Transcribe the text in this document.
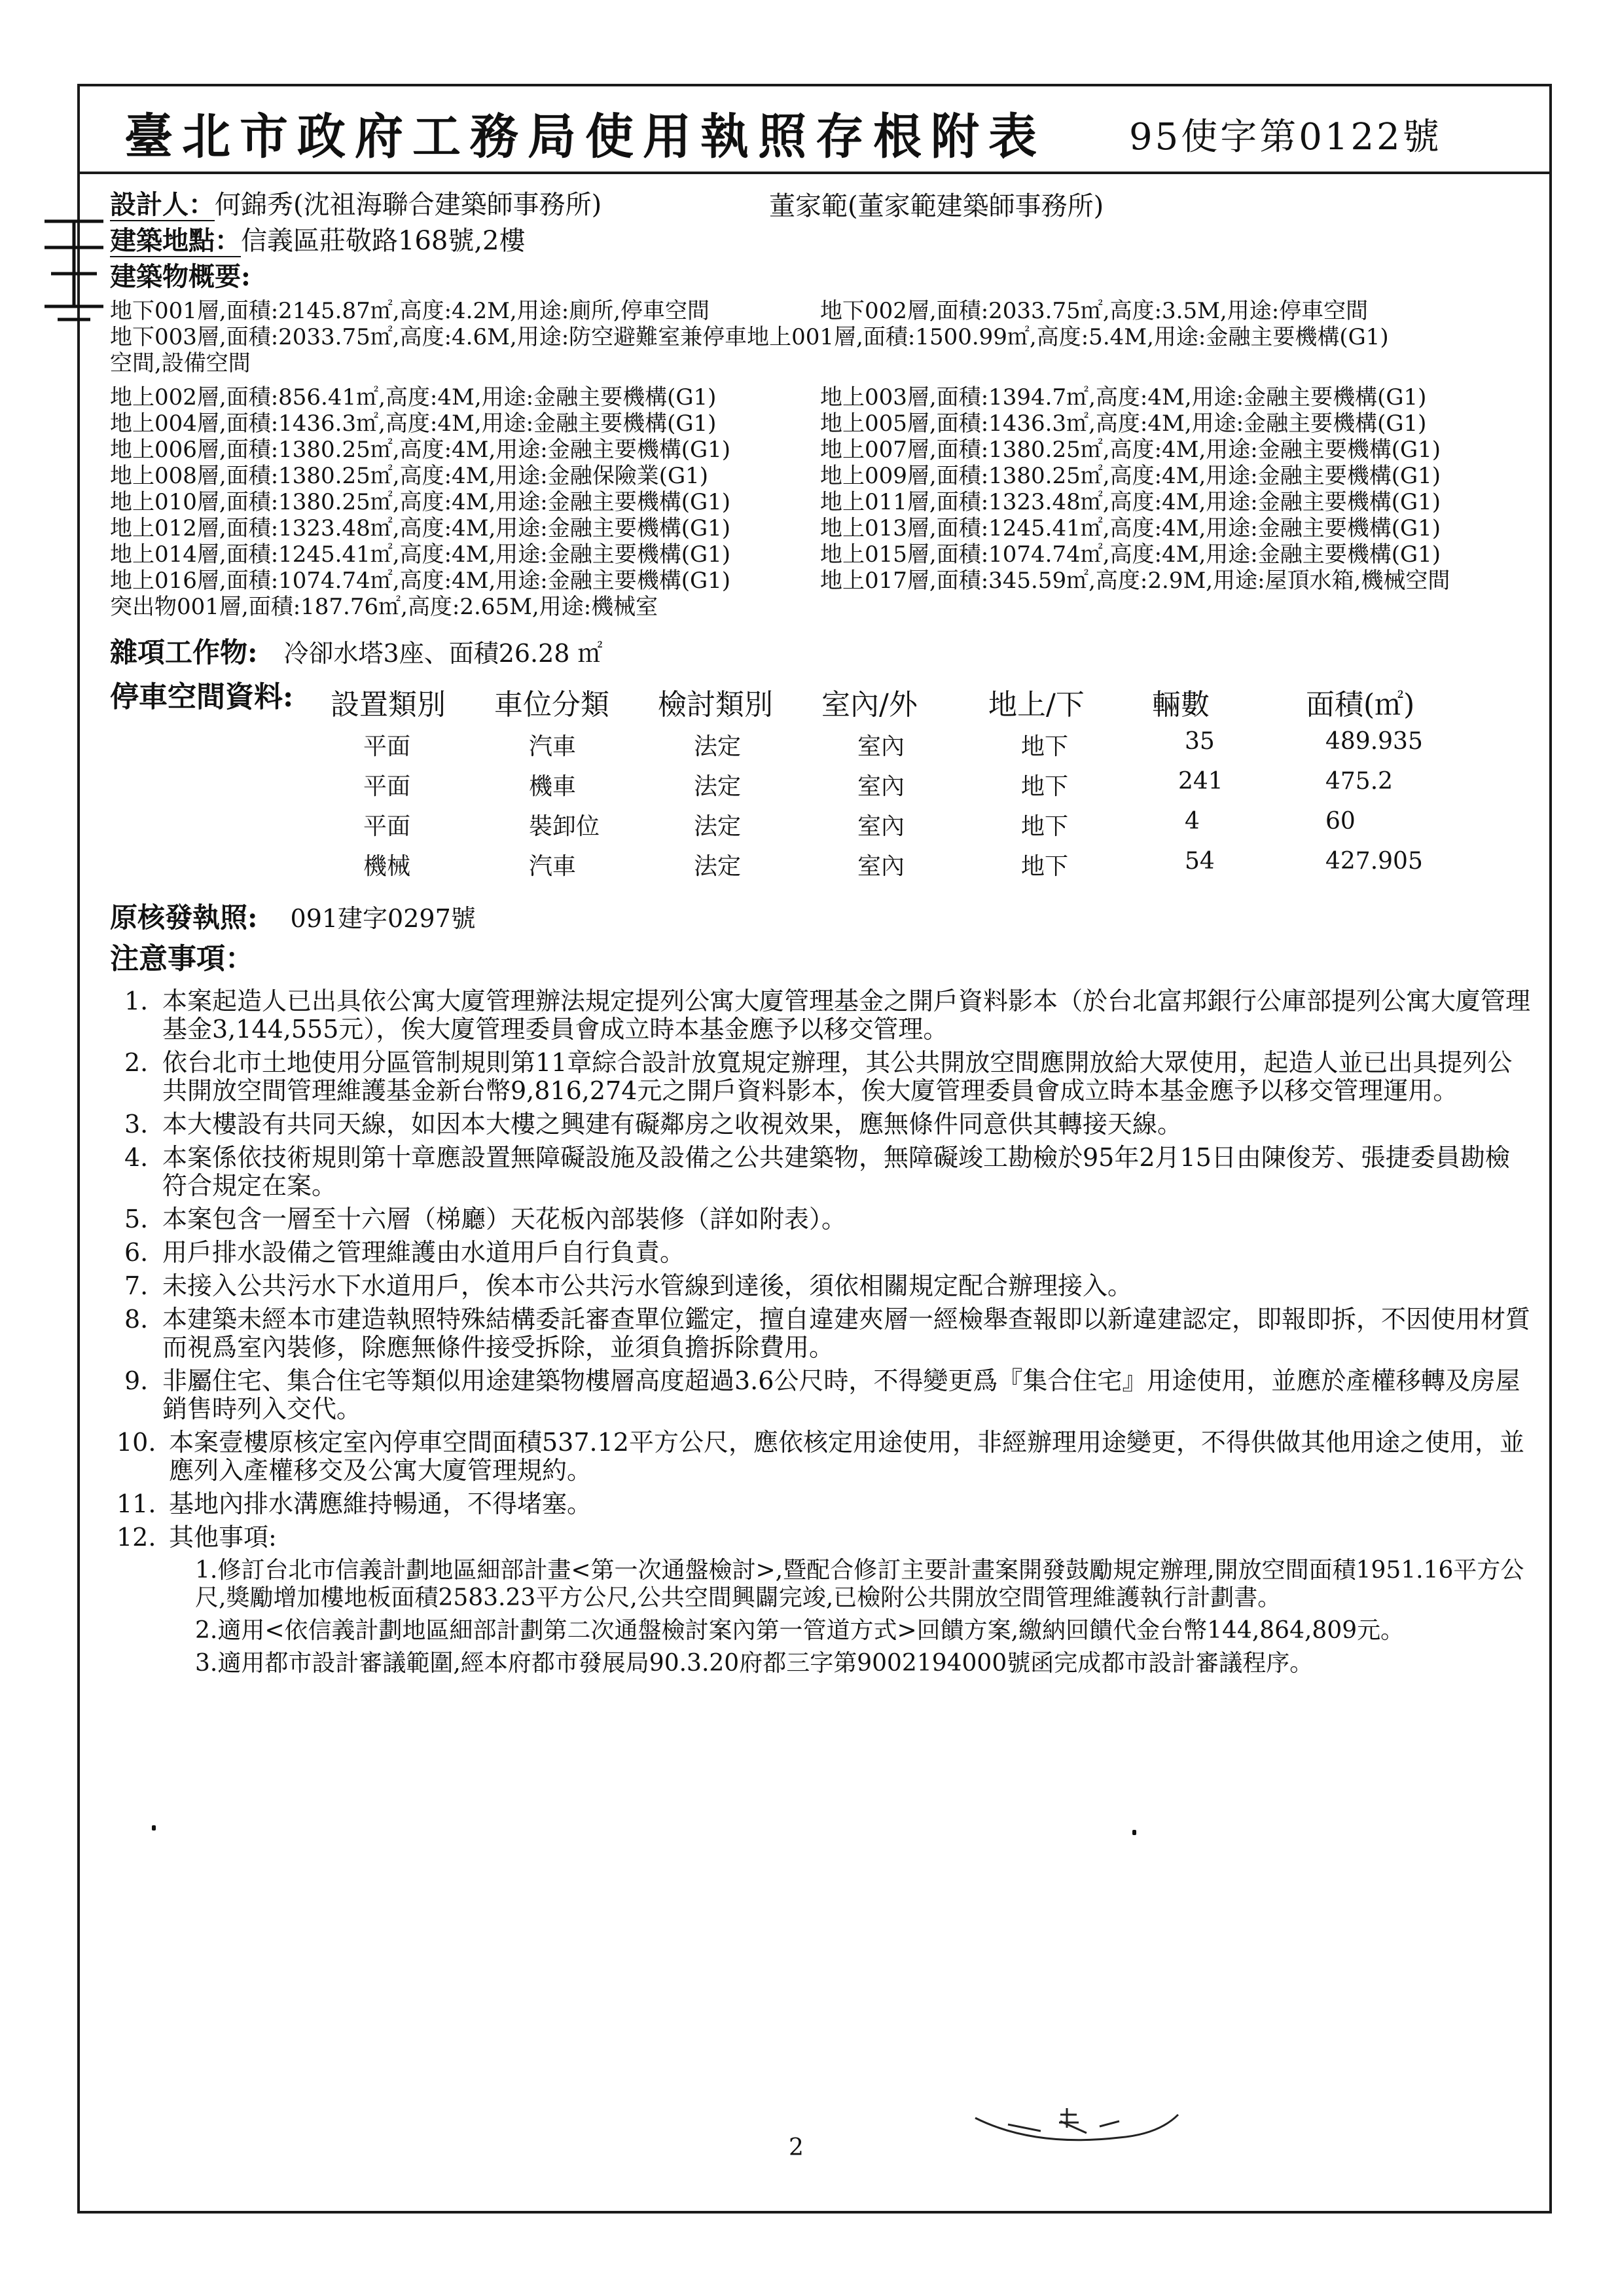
臺北市政府工務局使用執照存根附表 95使字第0122號
設計人：何錦秀(沈祖海聯合建築師事務所)	董家範(董家範建築師事務所)
建築地點：信義區莊敬路168號,2樓
建築物概要:
地下001層,面積:2145.87㎡,高度:4.2M,用途:廁所,停車空間	地下002層,面積:2033.75㎡,高度:3.5M,用途:停車空間
地下003層,面積:2033.75㎡,高度:4.6M,用途:防空避難室兼停車地上001層,面積:1500.99㎡,高度:5.4M,用途:金融主要機構(G1)
空間,設備空間
地上002層,面積:856.41㎡,高度:4M,用途:金融主要機構(G1)	地上003層,面積:1394.7㎡,高度:4M,用途:金融主要機構(G1)
地上004層,面積:1436.3㎡,高度:4M,用途:金融主要機構(G1)	地上005層,面積:1436.3㎡,高度:4M,用途:金融主要機構(G1)
地上006層,面積:1380.25㎡,高度:4M,用途:金融主要機構(G1)	地上007層,面積:1380.25㎡,高度:4M,用途:金融主要機構(G1)
地上008層,面積:1380.25㎡,高度:4M,用途:金融保險業(G1)	地上009層,面積:1380.25㎡,高度:4M,用途:金融主要機構(G1)
地上010層,面積:1380.25㎡,高度:4M,用途:金融主要機構(G1)	地上011層,面積:1323.48㎡,高度:4M,用途:金融主要機構(G1)
地上012層,面積:1323.48㎡,高度:4M,用途:金融主要機構(G1)	地上013層,面積:1245.41㎡,高度:4M,用途:金融主要機構(G1)
地上014層,面積:1245.41㎡,高度:4M,用途:金融主要機構(G1)	地上015層,面積:1074.74㎡,高度:4M,用途:金融主要機構(G1)
地上016層,面積:1074.74㎡,高度:4M,用途:金融主要機構(G1)	地上017層,面積:345.59㎡,高度:2.9M,用途:屋頂水箱,機械空間
突出物001層,面積:187.76㎡,高度:2.65M,用途:機械室
雜項工作物: 冷卻水塔3座、面積26.28 ㎡
停車空間資料: 設置類別 車位分類 檢討類別 室內/外 地上/下 輛數	面積(㎡)
平面	汽車	法定	室內	地下	35	489.935
平面	機車	法定	室內	地下	241	475.2
平面	裝卸位	法定	室內	地下	4	60
機械	汽車	法定	室內	地下	54	427.905
原核發執照: 091建字0297號
注意事項：
1. 本案起造人已出具依公寓大廈管理辦法規定提列公寓大廈管理基金之開戶資料影本（於台北富邦銀行公庫部提列公寓大廈管理基金3,144,555元），俟大廈管理委員會成立時本基金應予以移交管理。
2. 依台北市土地使用分區管制規則第11章綜合設計放寬規定辦理，其公共開放空間應開放給大眾使用，起造人並已出具提列公共開放空間管理維護基金新台幣9,816,274元之開戶資料影本，俟大廈管理委員會成立時本基金應予以移交管理運用。
3. 本大樓設有共同天線，如因本大樓之興建有礙鄰房之收視效果，應無條件同意供其轉接天線。
4. 本案係依技術規則第十章應設置無障礙設施及設備之公共建築物，無障礙竣工勘檢於95年2月15日由陳俊芳、張捷委員勘檢符合規定在案。
5. 本案包含一層至十六層（梯廳）天花板內部裝修（詳如附表）。
6. 用戶排水設備之管理維護由水道用戶自行負責。
7. 未接入公共污水下水道用戶，俟本市公共污水管線到達後，須依相關規定配合辦理接入。
8. 本建築未經本市建造執照特殊結構委託審查單位鑑定，擅自違建夾層一經檢舉查報即以新違建認定，即報即拆，不因使用材質而視爲室內裝修，除應無條件接受拆除，並須負擔拆除費用。
9. 非屬住宅、集合住宅等類似用途建築物樓層高度超過3.6公尺時，不得變更爲『集合住宅』用途使用，並應於產權移轉及房屋銷售時列入交代。
10. 本案壹樓原核定室內停車空間面積537.12平方公尺，應依核定用途使用，非經辦理用途變更，不得供做其他用途之使用，並應列入產權移交及公寓大廈管理規約。
11. 基地內排水溝應維持暢通，不得堵塞。
12. 其他事項:
1.修訂台北市信義計劃地區細部計畫<第一次通盤檢討>,暨配合修訂主要計畫案開發鼓勵規定辦理,開放空間面積1951.16平方公尺,獎勵增加樓地板面積2583.23平方公尺,公共空間興闢完竣,已檢附公共開放空間管理維護執行計劃書。
2.適用<依信義計劃地區細部計劃第二次通盤檢討案內第一管道方式>回饋方案,繳納回饋代金台幣144,864,809元。
3.適用都市設計審議範圍,經本府都市發展局90.3.20府都三字第9002194000號函完成都市設計審議程序。
2
